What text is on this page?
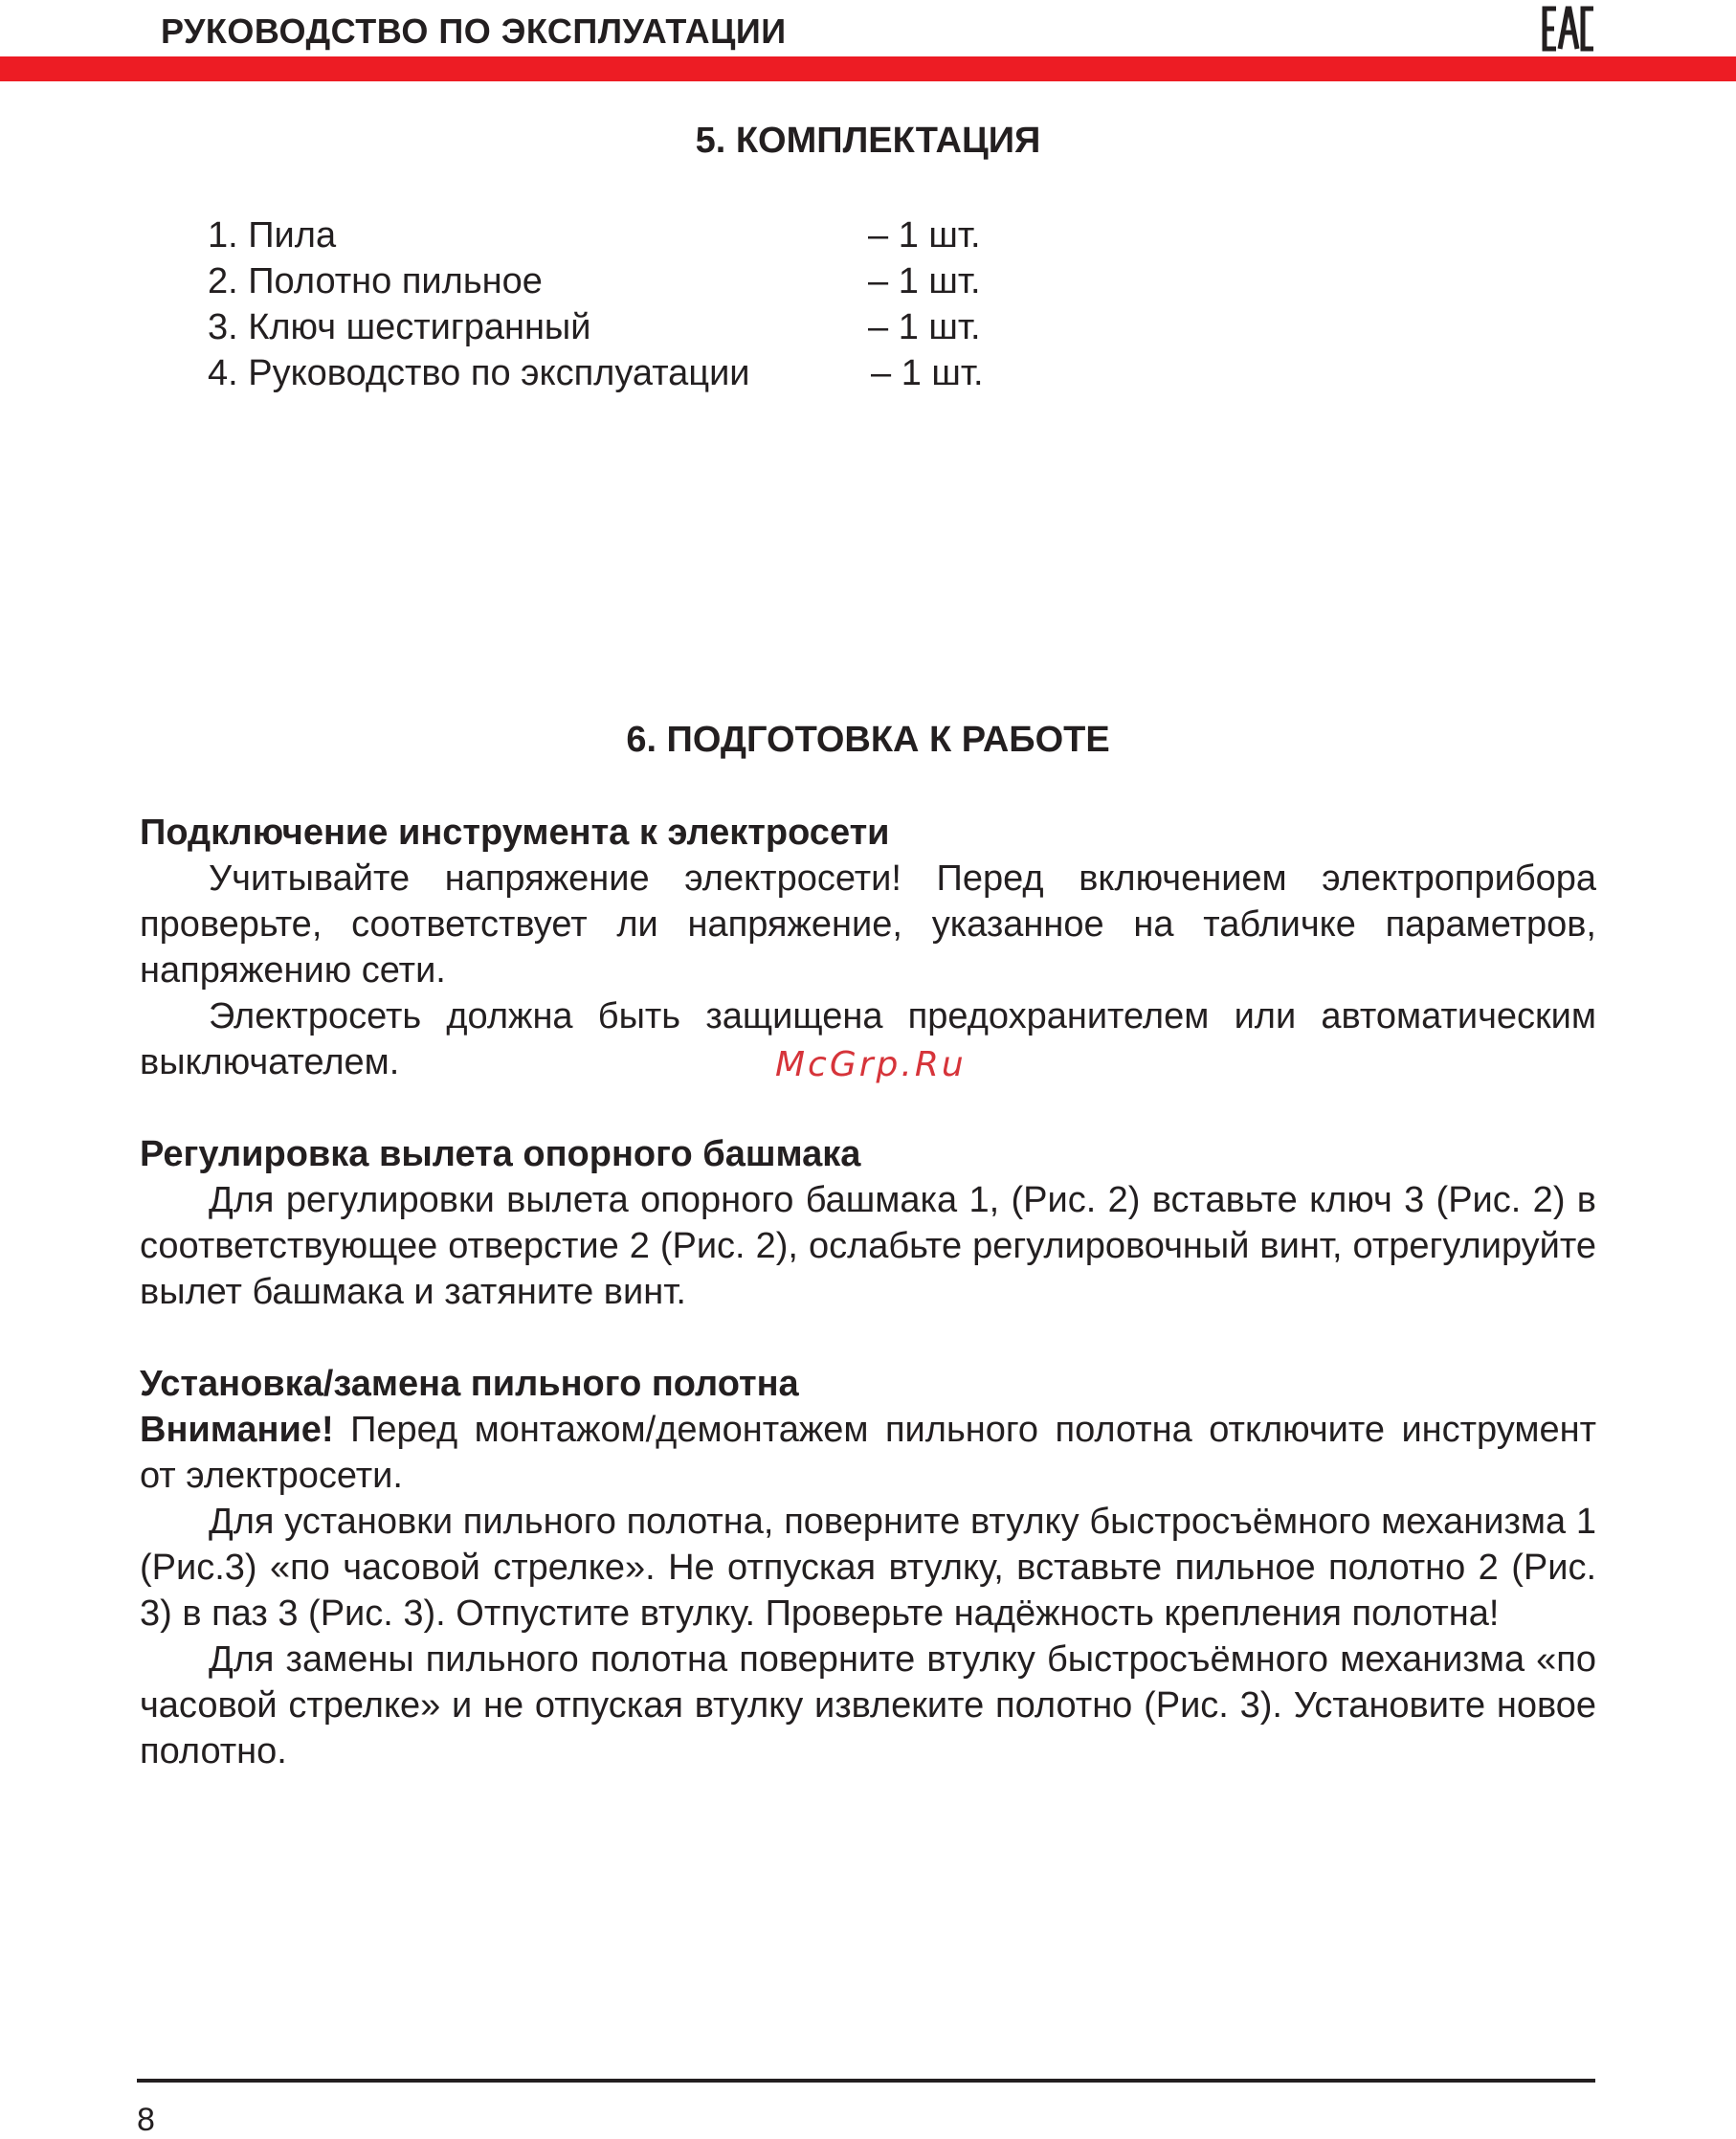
РУКОВОДСТВО ПО ЭКСПЛУАТАЦИИ
5. КОМПЛЕКТАЦИЯ
1. Пила	– 1 шт.
2. Полотно пильное	– 1 шт.
3. Ключ шестигранный	– 1 шт.
4. Руководство по эксплуатации	– 1 шт.
6. ПОДГОТОВКА К РАБОТЕ

Подключение инструмента к электросети

Учитывайте напряжение электросети! Перед включением электроприбора проверьте, соответствует ли напряжение, указанное на табличке параметров, напряжению сети.

Электросеть должна быть защищена предохранителем или автоматическим выключателем.	McGrp.Ru

Регулировка вылета опорного башмака

Для регулировки вылета опорного башмака 1, (Рис. 2) вставьте ключ 3 (Рис. 2) в соответствующее отверстие 2 (Рис. 2), ослабьте регулировочный винт, отрегулируйте вылет башмака и затяните винт.

Установка/замена пильного полотна

Внимание! Перед монтажом/демонтажем пильного полотна отключите инструмент от электросети.

Для установки пильного полотна, поверните втулку быстросъёмного механизма 1 (Рис.3) «по часовой стрелке». Не отпуская втулку, вставьте пильное полотно 2 (Рис. 3) в паз 3 (Рис. 3). Отпустите втулку. Проверьте надёжность крепления полотна!

Для замены пильного полотна поверните втулку быстросъёмного механизма «по часовой стрелке» и не отпуская втулку извлеките полотно (Рис. 3). Установите новое полотно.

8
